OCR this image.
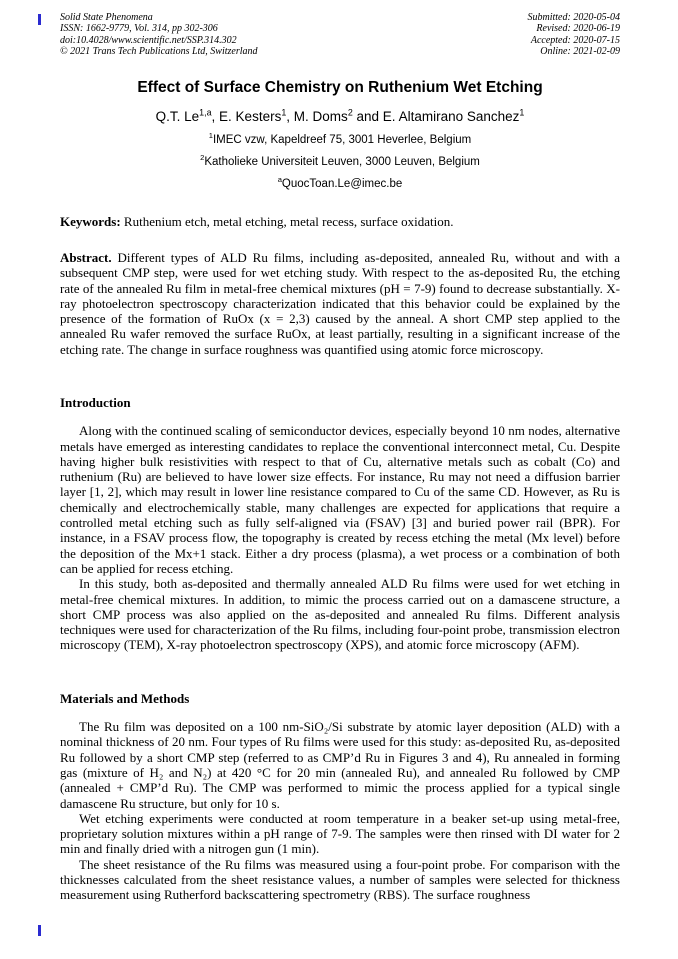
Solid State Phenomena
ISSN: 1662-9779, Vol. 314, pp 302-306
doi:10.4028/www.scientific.net/SSP.314.302
© 2021 Trans Tech Publications Ltd, Switzerland
Submitted: 2020-05-04
Revised: 2020-06-19
Accepted: 2020-07-15
Online: 2021-02-09
Effect of Surface Chemistry on Ruthenium Wet Etching
Q.T. Le$^{1,a}$, E. Kesters$^1$, M. Doms$^2$ and E. Altamirano Sanchez$^1$
$^1$IMEC vzw, Kapeldreef 75, 3001 Heverlee, Belgium
$^2$Katholieke Universiteit Leuven, 3000 Leuven, Belgium
$^a$QuocToan.Le@imec.be

Keywords: Ruthenium etch, metal etching, metal recess, surface oxidation.

Abstract. Different types of ALD Ru films, including as-deposited, annealed Ru, without and with a subsequent CMP step, were used for wet etching study. With respect to the as-deposited Ru, the etching rate of the annealed Ru film in metal-free chemical mixtures (pH = 7-9) found to decrease substantially. X-ray photoelectron spectroscopy characterization indicated that this behavior could be explained by the presence of the formation of RuOx (x = 2,3) caused by the anneal. A short CMP step applied to the annealed Ru wafer removed the surface RuOx, at least partially, resulting in a significant increase of the etching rate. The change in surface roughness was quantified using atomic force microscopy.

Introduction

Along with the continued scaling of semiconductor devices, especially beyond 10 nm nodes, alternative metals have emerged as interesting candidates to replace the conventional interconnect metal, Cu. Despite having higher bulk resistivities with respect to that of Cu, alternative metals such as cobalt (Co) and ruthenium (Ru) are believed to have lower size effects. For instance, Ru may not need a diffusion barrier layer [1, 2], which may result in lower line resistance compared to Cu of the same CD. However, as Ru is chemically and electrochemically stable, many challenges are expected for applications that require a controlled metal etching such as fully self-aligned via (FSAV) [3] and buried power rail (BPR). For instance, in a FSAV process flow, the topography is created by recess etching the metal (Mx level) before the deposition of the Mx+1 stack. Either a dry process (plasma), a wet process or a combination of both can be applied for recess etching.

In this study, both as-deposited and thermally annealed ALD Ru films were used for wet etching in metal-free chemical mixtures. In addition, to mimic the process carried out on a damascene structure, a short CMP process was also applied on the as-deposited and annealed Ru films. Different analysis techniques were used for characterization of the Ru films, including four-point probe, transmission electron microscopy (TEM), X-ray photoelectron spectroscopy (XPS), and atomic force microscopy (AFM).

Materials and Methods

The Ru film was deposited on a 100 nm-SiO₂/Si substrate by atomic layer deposition (ALD) with a nominal thickness of 20 nm. Four types of Ru films were used for this study: as-deposited Ru, as-deposited Ru followed by a short CMP step (referred to as CMP’d Ru in Figures 3 and 4), Ru annealed in forming gas (mixture of H₂ and N₂) at 420 °C for 20 min (annealed Ru), and annealed Ru followed by CMP (annealed + CMP’d Ru). The CMP was performed to mimic the process applied for a typical single damascene Ru structure, but only for 10 s.

Wet etching experiments were conducted at room temperature in a beaker set-up using metal-free, proprietary solution mixtures within a pH range of 7-9. The samples were then rinsed with DI water for 2 min and finally dried with a nitrogen gun (1 min).

The sheet resistance of the Ru films was measured using a four-point probe. For comparison with the thicknesses calculated from the sheet resistance values, a number of samples were selected for thickness measurement using Rutherford backscattering spectrometry (RBS). The surface roughness
